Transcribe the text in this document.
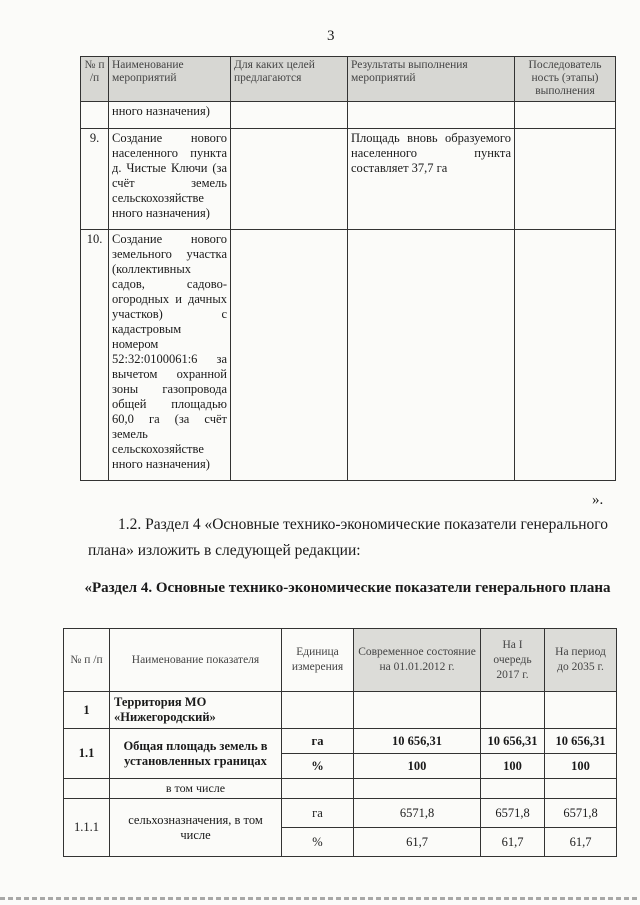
3
№ п /п	Наименование мероприятий	Для каких целей предлагаются	Результаты выполнения мероприятий	Последователь ность (этапы) выполнения
	нного назначения)			
9.	Создание нового населенного пункта д. Чистые Ключи (за счёт земель сельскохозяйстве нного назначения)		Площадь вновь образуемого населенного пункта составляет 37,7 га	
10.	Создание нового земельного участка (коллективных садов, садово-огородных и дачных участков) с кадастровым номером 52:32:0100061:6 за вычетом охранной зоны газопровода общей площадью 60,0 га (за счёт земель сельскохозяйстве нного назначения)			
».
1.2. Раздел 4 «Основные технико-экономические показатели генерального плана» изложить в следующей редакции:
«Раздел 4. Основные технико-экономические показатели генерального плана
№ п /п	Наименование показателя	Единица измерения	Современное состояние на 01.01.2012 г.	На I очередь 2017 г.	На период до 2035 г.
1	Территория МО «Нижегородский»				
1.1	Общая площадь земель в установленных границах	га	10 656,31	10 656,31	10 656,31
		%	100	100	100
	в том числе				
1.1.1	сельхозназначения, в том числе	га	6571,8	6571,8	6571,8
		%	61,7	61,7	61,7
